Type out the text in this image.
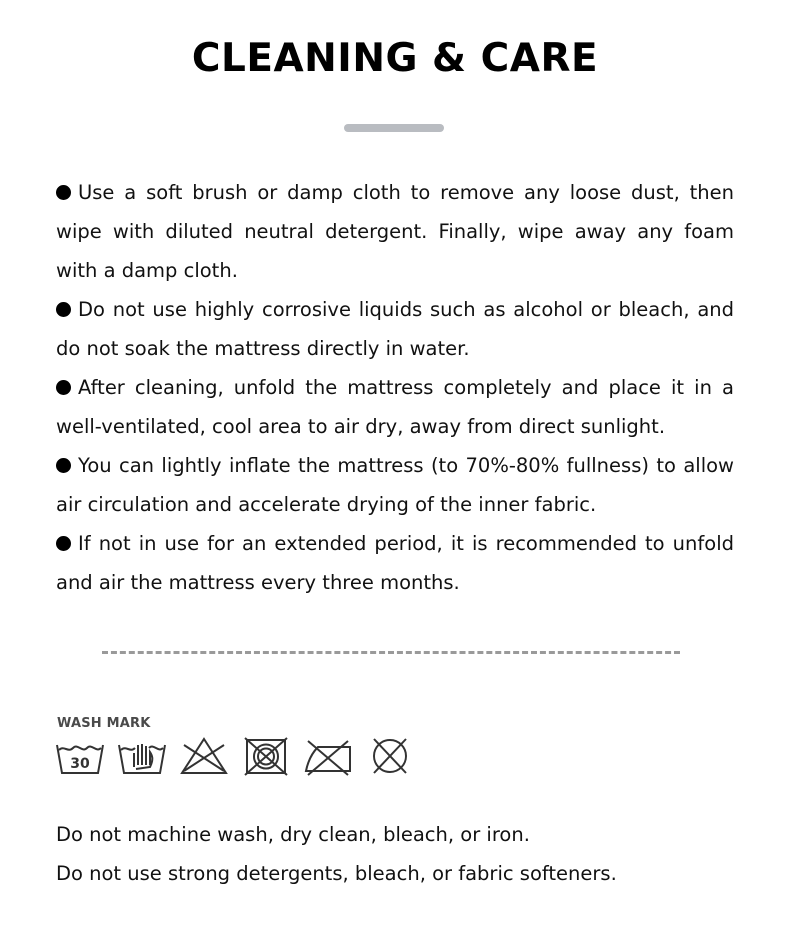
CLEANING & CARE
Use a soft brush or damp cloth to remove any loose dust, then wipe with diluted neutral detergent. Finally, wipe away any foam with a damp cloth.
Do not use highly corrosive liquids such as alcohol or bleach, and do not soak the mattress directly in water.
After cleaning, unfold the mattress completely and place it in a well-ventilated, cool area to air dry, away from direct sunlight.
You can lightly inflate the mattress (to 70%-80% fullness) to allow air circulation and accelerate drying of the inner fabric.
If not in use for an extended period, it is recommended to unfold and air the mattress every three months.
WASH MARK
30

Do not machine wash, dry clean, bleach, or iron.

Do not use strong detergents, bleach, or fabric softeners.
